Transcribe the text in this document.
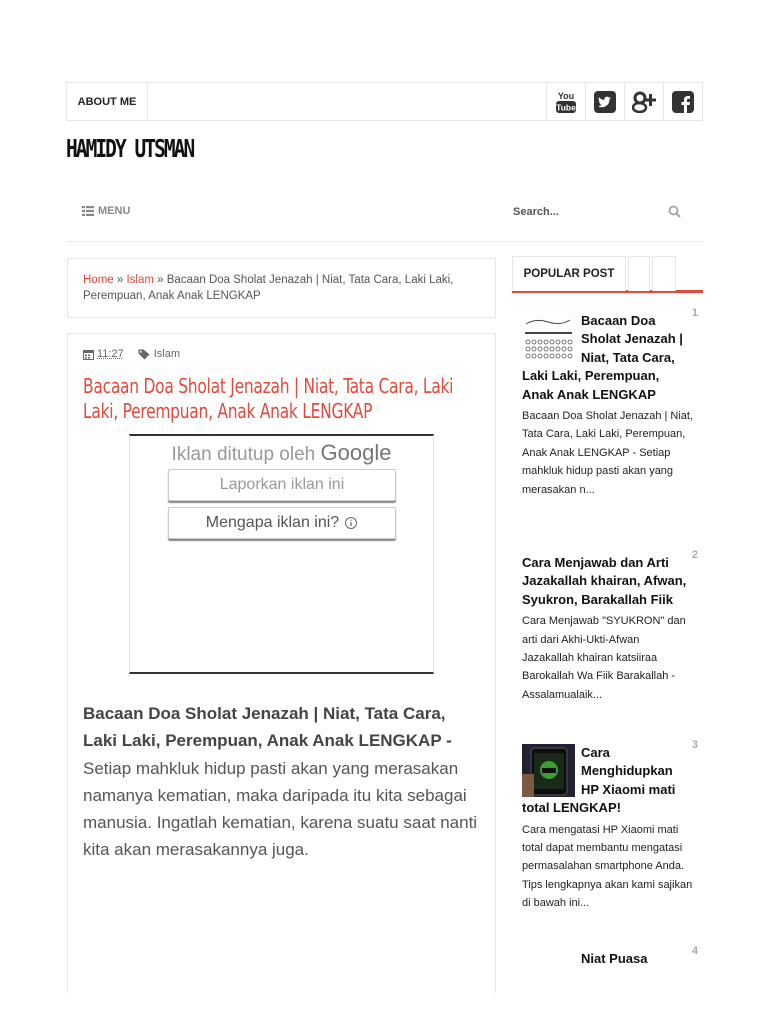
ABOUT ME	You
Tube
HAMIDY UTSMAN
MENU
Search...
Home » Islam » Bacaan Doa Sholat Jenazah | Niat, Tata Cara, Laki Laki, Perempuan, Anak Anak LENGKAP
11:27	Islam
Bacaan Doa Sholat Jenazah | Niat, Tata Cara, Laki Laki, Perempuan, Anak Anak LENGKAP
Iklan ditutup oleh Google
Laporkan iklan ini
Mengapa iklan ini?
Bacaan Doa Sholat Jenazah | Niat, Tata Cara, Laki Laki, Perempuan, Anak Anak LENGKAP - Setiap mahkluk hidup pasti akan yang merasakan namanya kematian, maka daripada itu kita sebagai manusia. Ingatlah kematian, karena suatu saat nanti kita akan merasakannya juga.
POPULAR POST
1
Bacaan Doa Sholat Jenazah | Niat, Tata Cara, Laki Laki, Perempuan, Anak Anak LENGKAP
Bacaan Doa Sholat Jenazah | Niat, Tata Cara, Laki Laki, Perempuan, Anak Anak LENGKAP - Setiap mahkluk hidup pasti akan yang merasakan n...
2
Cara Menjawab dan Arti Jazakallah khairan, Afwan, Syukron, Barakallah Fiik
Cara Menjawab "SYUKRON" dan arti dari Akhi-Ukti-Afwan Jazakallah khairan katsiiraa Barokallah Wa Fiik Barakallah - Assalamualaik...
3
Cara Menghidupkan HP Xiaomi mati total LENGKAP!
Cara mengatasi HP Xiaomi mati total dapat membantu mengatasi permasalahan smartphone Anda. Tips lengkapnya akan kami sajikan di bawah ini...
4
Niat Puasa
